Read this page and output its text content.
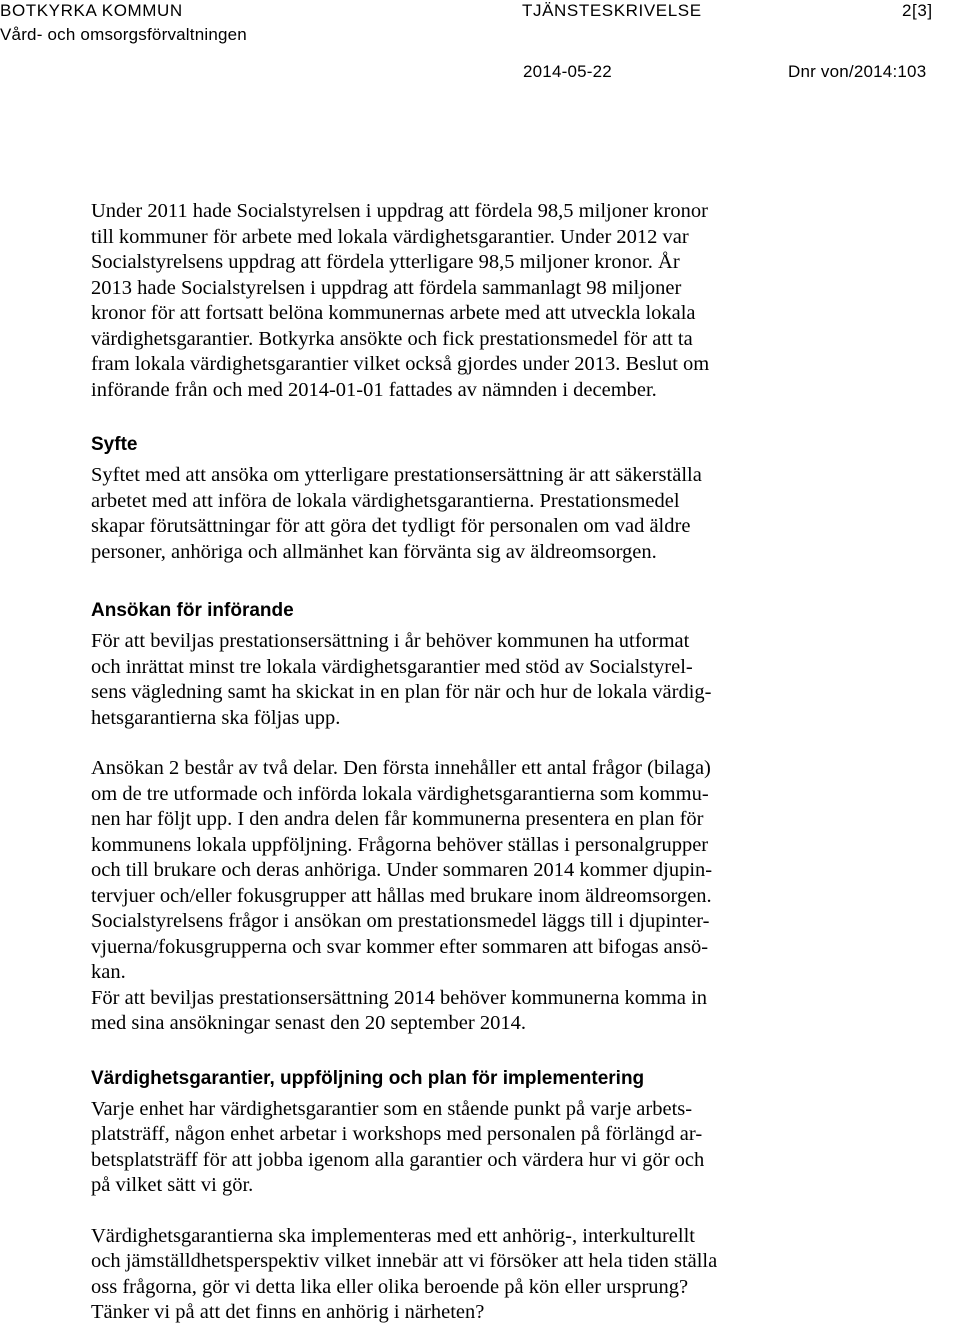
BOTKYRKA KOMMUN	TJÄNSTESKRIVELSE	2[3]
Vård- och omsorgsförvaltningen
2014-05-22	Dnr von/2014:103

Under 2011 hade Socialstyrelsen i uppdrag att fördela 98,5 miljoner kronor
till kommuner för arbete med lokala värdighetsgarantier. Under 2012 var
Socialstyrelsens uppdrag att fördela ytterligare 98,5 miljoner kronor. År
2013 hade Socialstyrelsen i uppdrag att fördela sammanlagt 98 miljoner
kronor för att fortsatt belöna kommunernas arbete med att utveckla lokala
värdighetsgarantier. Botkyrka ansökte och fick prestationsmedel för att ta
fram lokala värdighetsgarantier vilket också gjordes under 2013. Beslut om
införande från och med 2014-01-01 fattades av nämnden i december.

Syfte

Syftet med att ansöka om ytterligare prestationsersättning är att säkerställa
arbetet med att införa de lokala värdighetsgarantierna. Prestationsmedel
skapar förutsättningar för att göra det tydligt för personalen om vad äldre
personer, anhöriga och allmänhet kan förvänta sig av äldreomsorgen.

Ansökan för införande

För att beviljas prestationsersättning i år behöver kommunen ha utformat
och inrättat minst tre lokala värdighetsgarantier med stöd av Socialstyrel-
sens vägledning samt ha skickat in en plan för när och hur de lokala värdig-
hetsgarantierna ska följas upp.

Ansökan 2 består av två delar. Den första innehåller ett antal frågor (bilaga)
om de tre utformade och införda lokala värdighetsgarantierna som kommu-
nen har följt upp. I den andra delen får kommunerna presentera en plan för
kommunens lokala uppföljning. Frågorna behöver ställas i personalgrupper
och till brukare och deras anhöriga. Under sommaren 2014 kommer djupin-
tervjuer och/eller fokusgrupper att hållas med brukare inom äldreomsorgen.
Socialstyrelsens frågor i ansökan om prestationsmedel läggs till i djupinter-
vjuerna/fokusgrupperna och svar kommer efter sommaren att bifogas ansö-
kan.
För att beviljas prestationsersättning 2014 behöver kommunerna komma in
med sina ansökningar senast den 20 september 2014.

Värdighetsgarantier, uppföljning och plan för implementering

Varje enhet har värdighetsgarantier som en stående punkt på varje arbets-
platsträff, någon enhet arbetar i workshops med personalen på förlängd ar-
betsplatsträff för att jobba igenom alla garantier och värdera hur vi gör och
på vilket sätt vi gör.

Värdighetsgarantierna ska implementeras med ett anhörig-, interkulturellt
och jämställdhetsperspektiv vilket innebär att vi försöker att hela tiden ställa
oss frågorna, gör vi detta lika eller olika beroende på kön eller ursprung?
Tänker vi på att det finns en anhörig i närheten?
